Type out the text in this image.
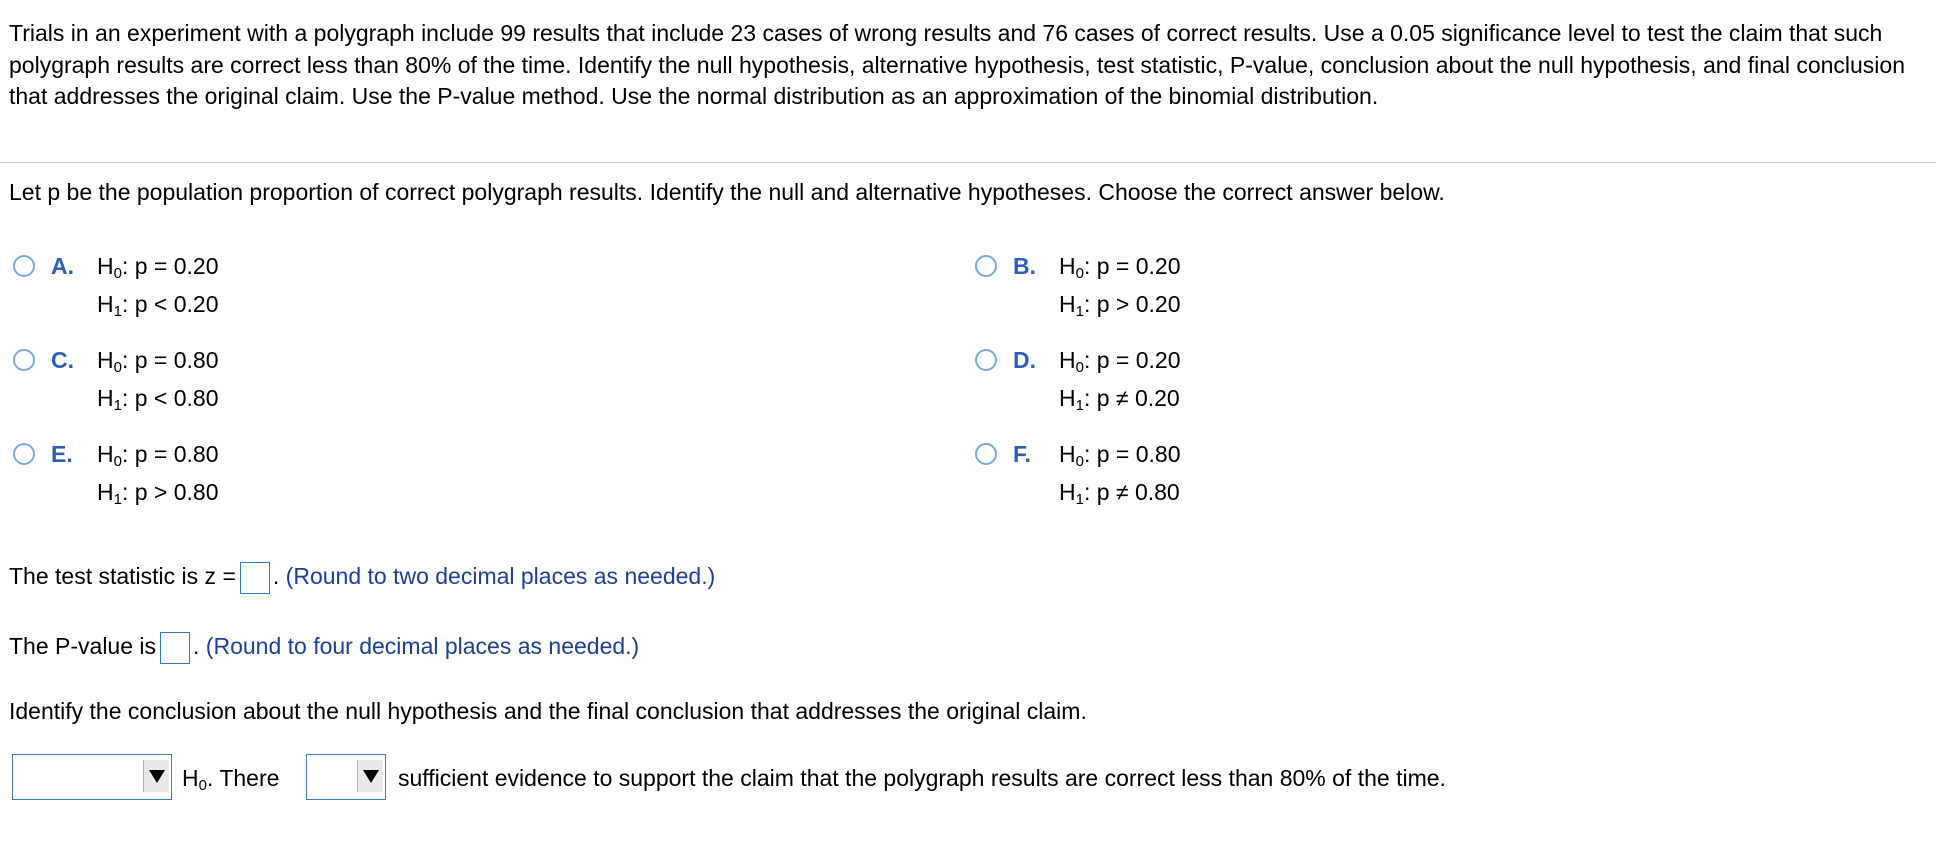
Trials in an experiment with a polygraph include 99 results that include 23 cases of wrong results and 76 cases of correct results. Use a 0.05 significance level to test the claim that such polygraph results are correct less than 80% of the time. Identify the null hypothesis, alternative hypothesis, test statistic, P-value, conclusion about the null hypothesis, and final conclusion that addresses the original claim. Use the P-value method. Use the normal distribution as an approximation of the binomial distribution.
Let p be the population proportion of correct polygraph results. Identify the null and alternative hypotheses. Choose the correct answer below.
A. $H_0$: p = 0.20
$H_1$: p < 0.20
B. $H_0$: p = 0.20
$H_1$: p > 0.20
C. $H_0$: p = 0.80
$H_1$: p < 0.80
D. $H_0$: p = 0.20
$H_1$: p ≠ 0.20
E. $H_0$: p = 0.80
$H_1$: p > 0.80
F. $H_0$: p = 0.80
$H_1$: p ≠ 0.80
The test statistic is z = . (Round to two decimal places as needed.)
The P-value is . (Round to four decimal places as needed.)
Identify the conclusion about the null hypothesis and the final conclusion that addresses the original claim.
$H_0$. There	sufficient evidence to support the claim that the polygraph results are correct less than 80% of the time.
